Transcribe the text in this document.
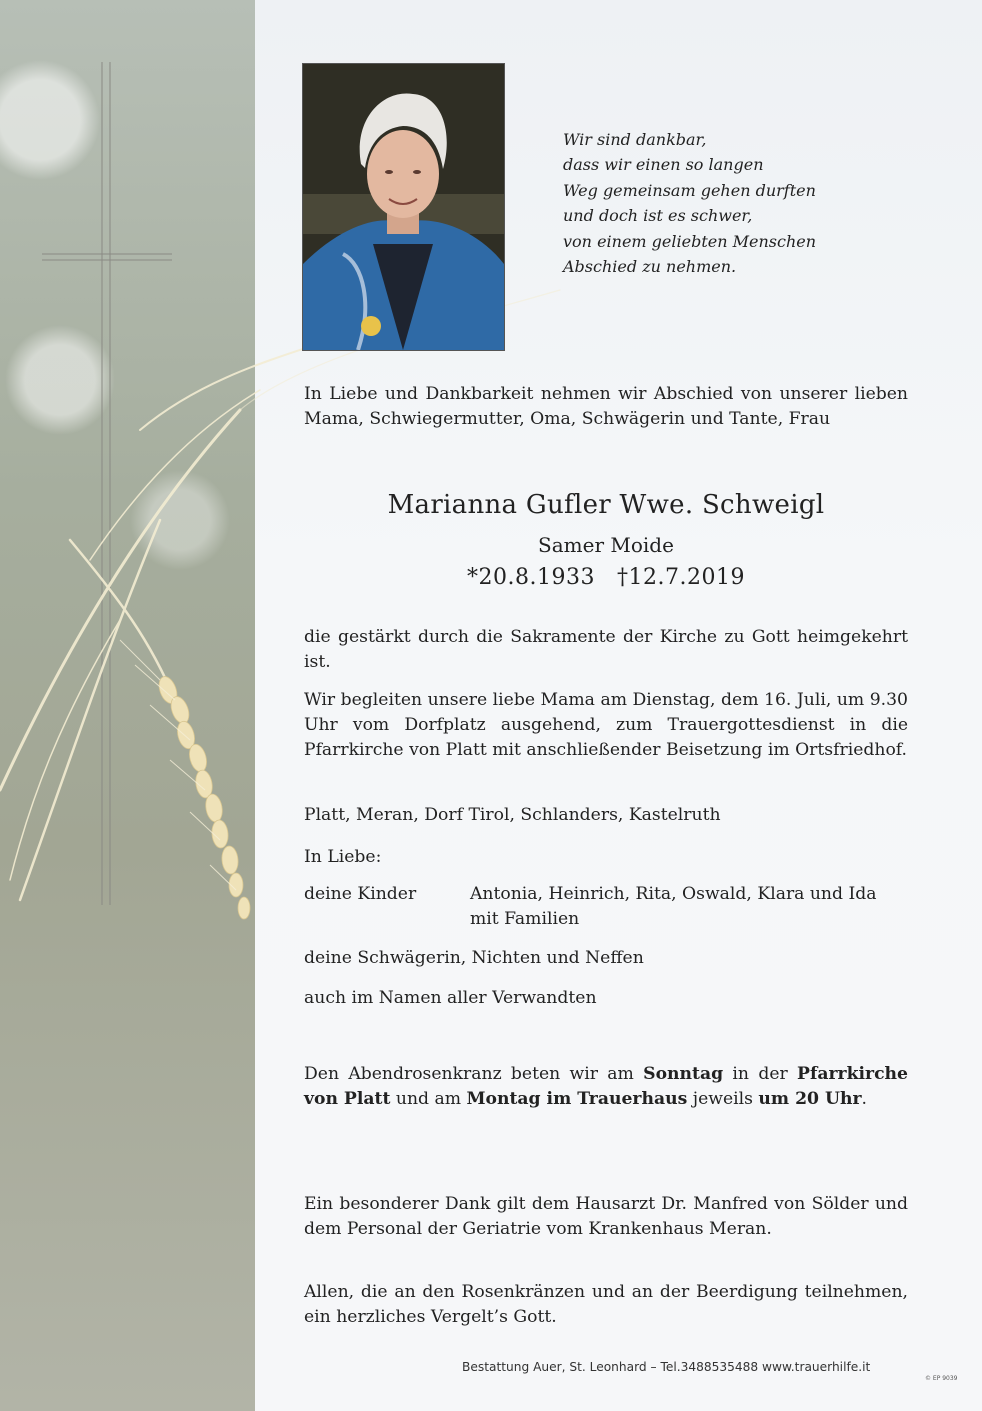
Wir sind dankbar,
dass wir einen so langen
Weg gemeinsam gehen durften
und doch ist es schwer,
von einem geliebten Menschen
Abschied zu nehmen.
In Liebe und Dankbarkeit nehmen wir Abschied von unserer lieben Mama, Schwiegermutter, Oma, Schwägerin und Tante, Frau
Marianna Gufler Wwe. Schweigl
Samer Moide
*20.8.1933 †12.7.2019
die gestärkt durch die Sakramente der Kirche zu Gott heimgekehrt ist.
Wir begleiten unsere liebe Mama am Dienstag, dem 16. Juli, um 9.30 Uhr vom Dorfplatz ausgehend, zum Trauergottesdienst in die Pfarrkirche von Platt mit anschließender Beisetzung im Ortsfriedhof.
Platt, Meran, Dorf Tirol, Schlanders, Kastelruth
In Liebe:
deine Kinder	Antonia, Heinrich, Rita, Oswald, Klara und Ida mit Familien
deine Schwägerin, Nichten und Neffen
auch im Namen aller Verwandten
Den Abendrosenkranz beten wir am Sonntag in der Pfarrkirche von Platt und am Montag im Trauerhaus jeweils um 20 Uhr.
Ein besonderer Dank gilt dem Hausarzt Dr. Manfred von Sölder und dem Personal der Geriatrie vom Krankenhaus Meran.
Allen, die an den Rosenkränzen und an der Beerdigung teilnehmen, ein herzliches Vergelt’s Gott.
Bestattung Auer, St. Leonhard – Tel.3488535488 www.trauerhilfe.it
© EP 9039
